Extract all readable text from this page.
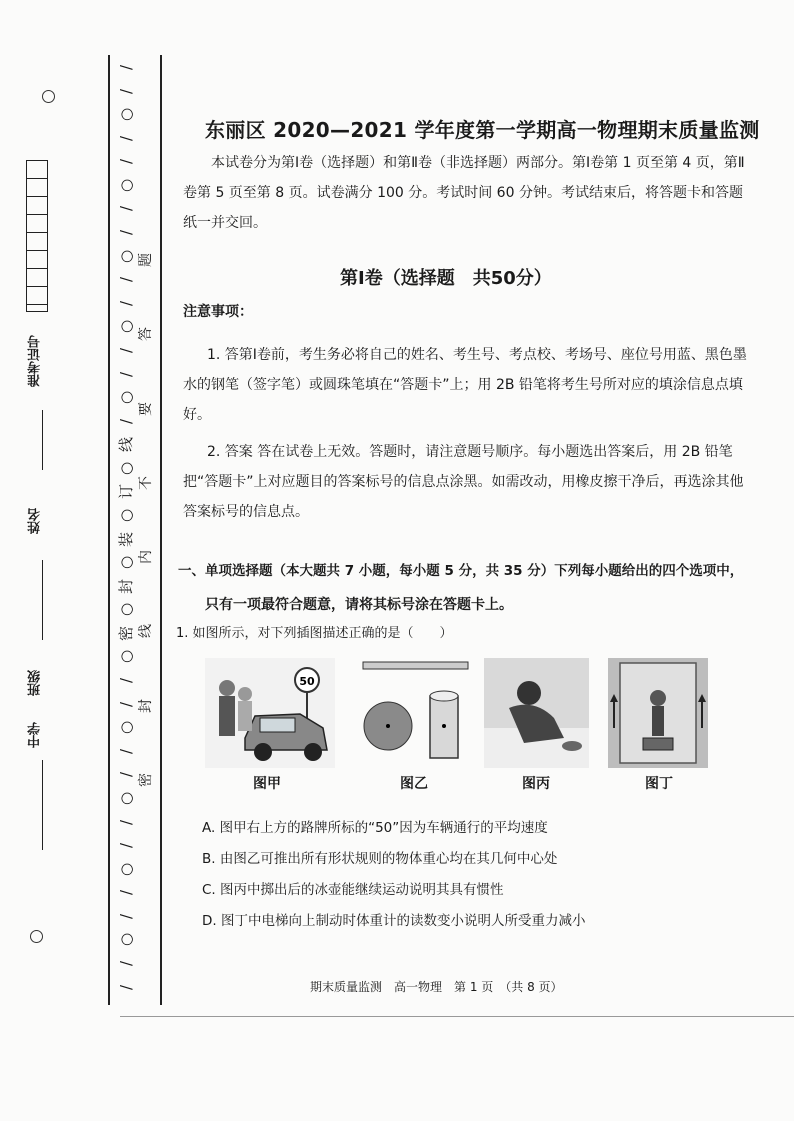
准考证号
姓名
班级
中学
/
/
○
/
/
○
/
/
○
/
/
○
/
/
○
/
线
○
订
○
装
○
封
○
密
○
/
/
○
/
/
○
/
/
○
/
/
○
/
/
题
答
要
不
内
线
封
密
东丽区 2020—2021 学年度第一学期高一物理期末质量监测
本试卷分为第Ⅰ卷（选择题）和第Ⅱ卷（非选择题）两部分。第Ⅰ卷第 1 页至第 4 页，第Ⅱ卷第 5 页至第 8 页。试卷满分 100 分。考试时间 60 分钟。考试结束后，将答题卡和答题纸一并交回。
第Ⅰ卷（选择题　共50分）
注意事项：
1. 答第Ⅰ卷前，考生务必将自己的姓名、考生号、考点校、考场号、座位号用蓝、黑色墨水的钢笔（签字笔）或圆珠笔填在“答题卡”上；用 2B 铅笔将考生号所对应的填涂信息点填好。
2. 答案 答在试卷上无效。答题时，请注意题号顺序。每小题选出答案后，用 2B 铅笔把“答题卡”上对应题目的答案标号的信息点涂黑。如需改动，用橡皮擦干净后，再选涂其他答案标号的信息点。
一、单项选择题（本大题共 7 小题，每小题 5 分，共 35 分）下列每小题给出的四个选项中，
只有一项最符合题意，请将其标号涂在答题卡上。
1. 如图所示，对下列插图描述正确的是（　　）
50
图甲	图乙	图丙	图丁
A. 图甲右上方的路牌所标的“50”因为车辆通行的平均速度
B. 由图乙可推出所有形状规则的物体重心均在其几何中心处
C. 图丙中掷出后的冰壶能继续运动说明其具有惯性
D. 图丁中电梯向上制动时体重计的读数变小说明人所受重力减小
期末质量监测　高一物理　第 1 页　（共 8 页）
